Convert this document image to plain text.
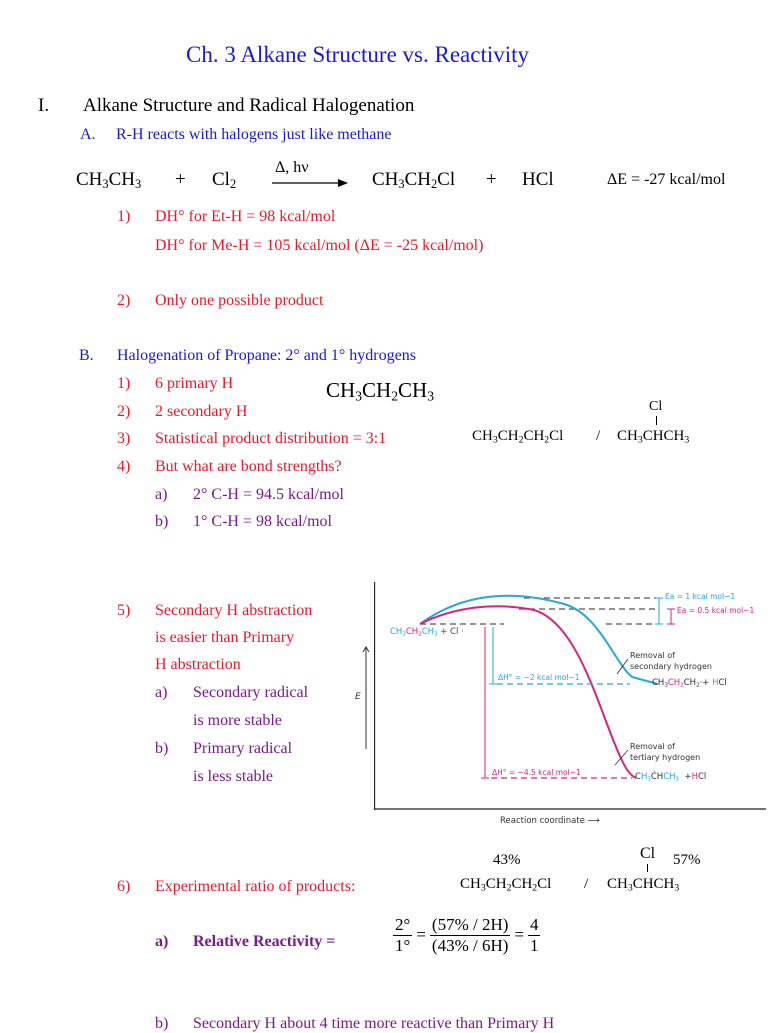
Ch. 3 Alkane Structure vs. Reactivity
I. Alkane Structure and Radical Halogenation
A. R-H reacts with halogens just like methane
$CH_3CH_3 + Cl_2$
Δ, hν
$CH_3CH_2Cl$ + HCl	ΔE = -27 kcal/mol
1) DH° for Et-H = 98 kcal/mol
DH° for Me-H = 105 kcal/mol (ΔE = -25 kcal/mol)
2) Only one possible product
B. Halogenation of Propane: 2° and 1° hydrogens
1) 6 primary H	$CH_3CH_2CH_3$
2) 2 secondary H
3) Statistical product distribution = 3:1
4) But what are bond strengths?
a) 2° C-H = 94.5 kcal/mol
b) 1° C-H = 98 kcal/mol
Cl
$CH_3CH_2CH_2Cl$ / $CH_3CHCH_3$
5) Secondary H abstraction
is easier than Primary
H abstraction
a) Secondary radical
is more stable
b) Primary radical
is less stable
E
$CH_3CH_2CH_3 + Cl$ ·
Ea = 1 kcal mol−1
Ea = 0.5 kcal mol−1
ΔH° = −2 kcal mol−1
ΔH° = −4.5 kcal mol−1
Removal of
secondary hydrogen
Removal of
tertiary hydrogen
$CH_3CH_2CH_2\cdot+$ HCl
$CH_3ĊHCH_3 +HCl$
Reaction coordinate ⟶
43%	Cl 57%
6) Experimental ratio of products:	$CH_3CH_2CH_2Cl$ / $CH_3CHCH_3$
a) Relative Reactivity =	$\frac{2^\circ}{1^\circ} = \frac{(57\% / 2H)}{(43\% / 6H)} = \frac{4}{1}$
b) Secondary H about 4 time more reactive than Primary H
